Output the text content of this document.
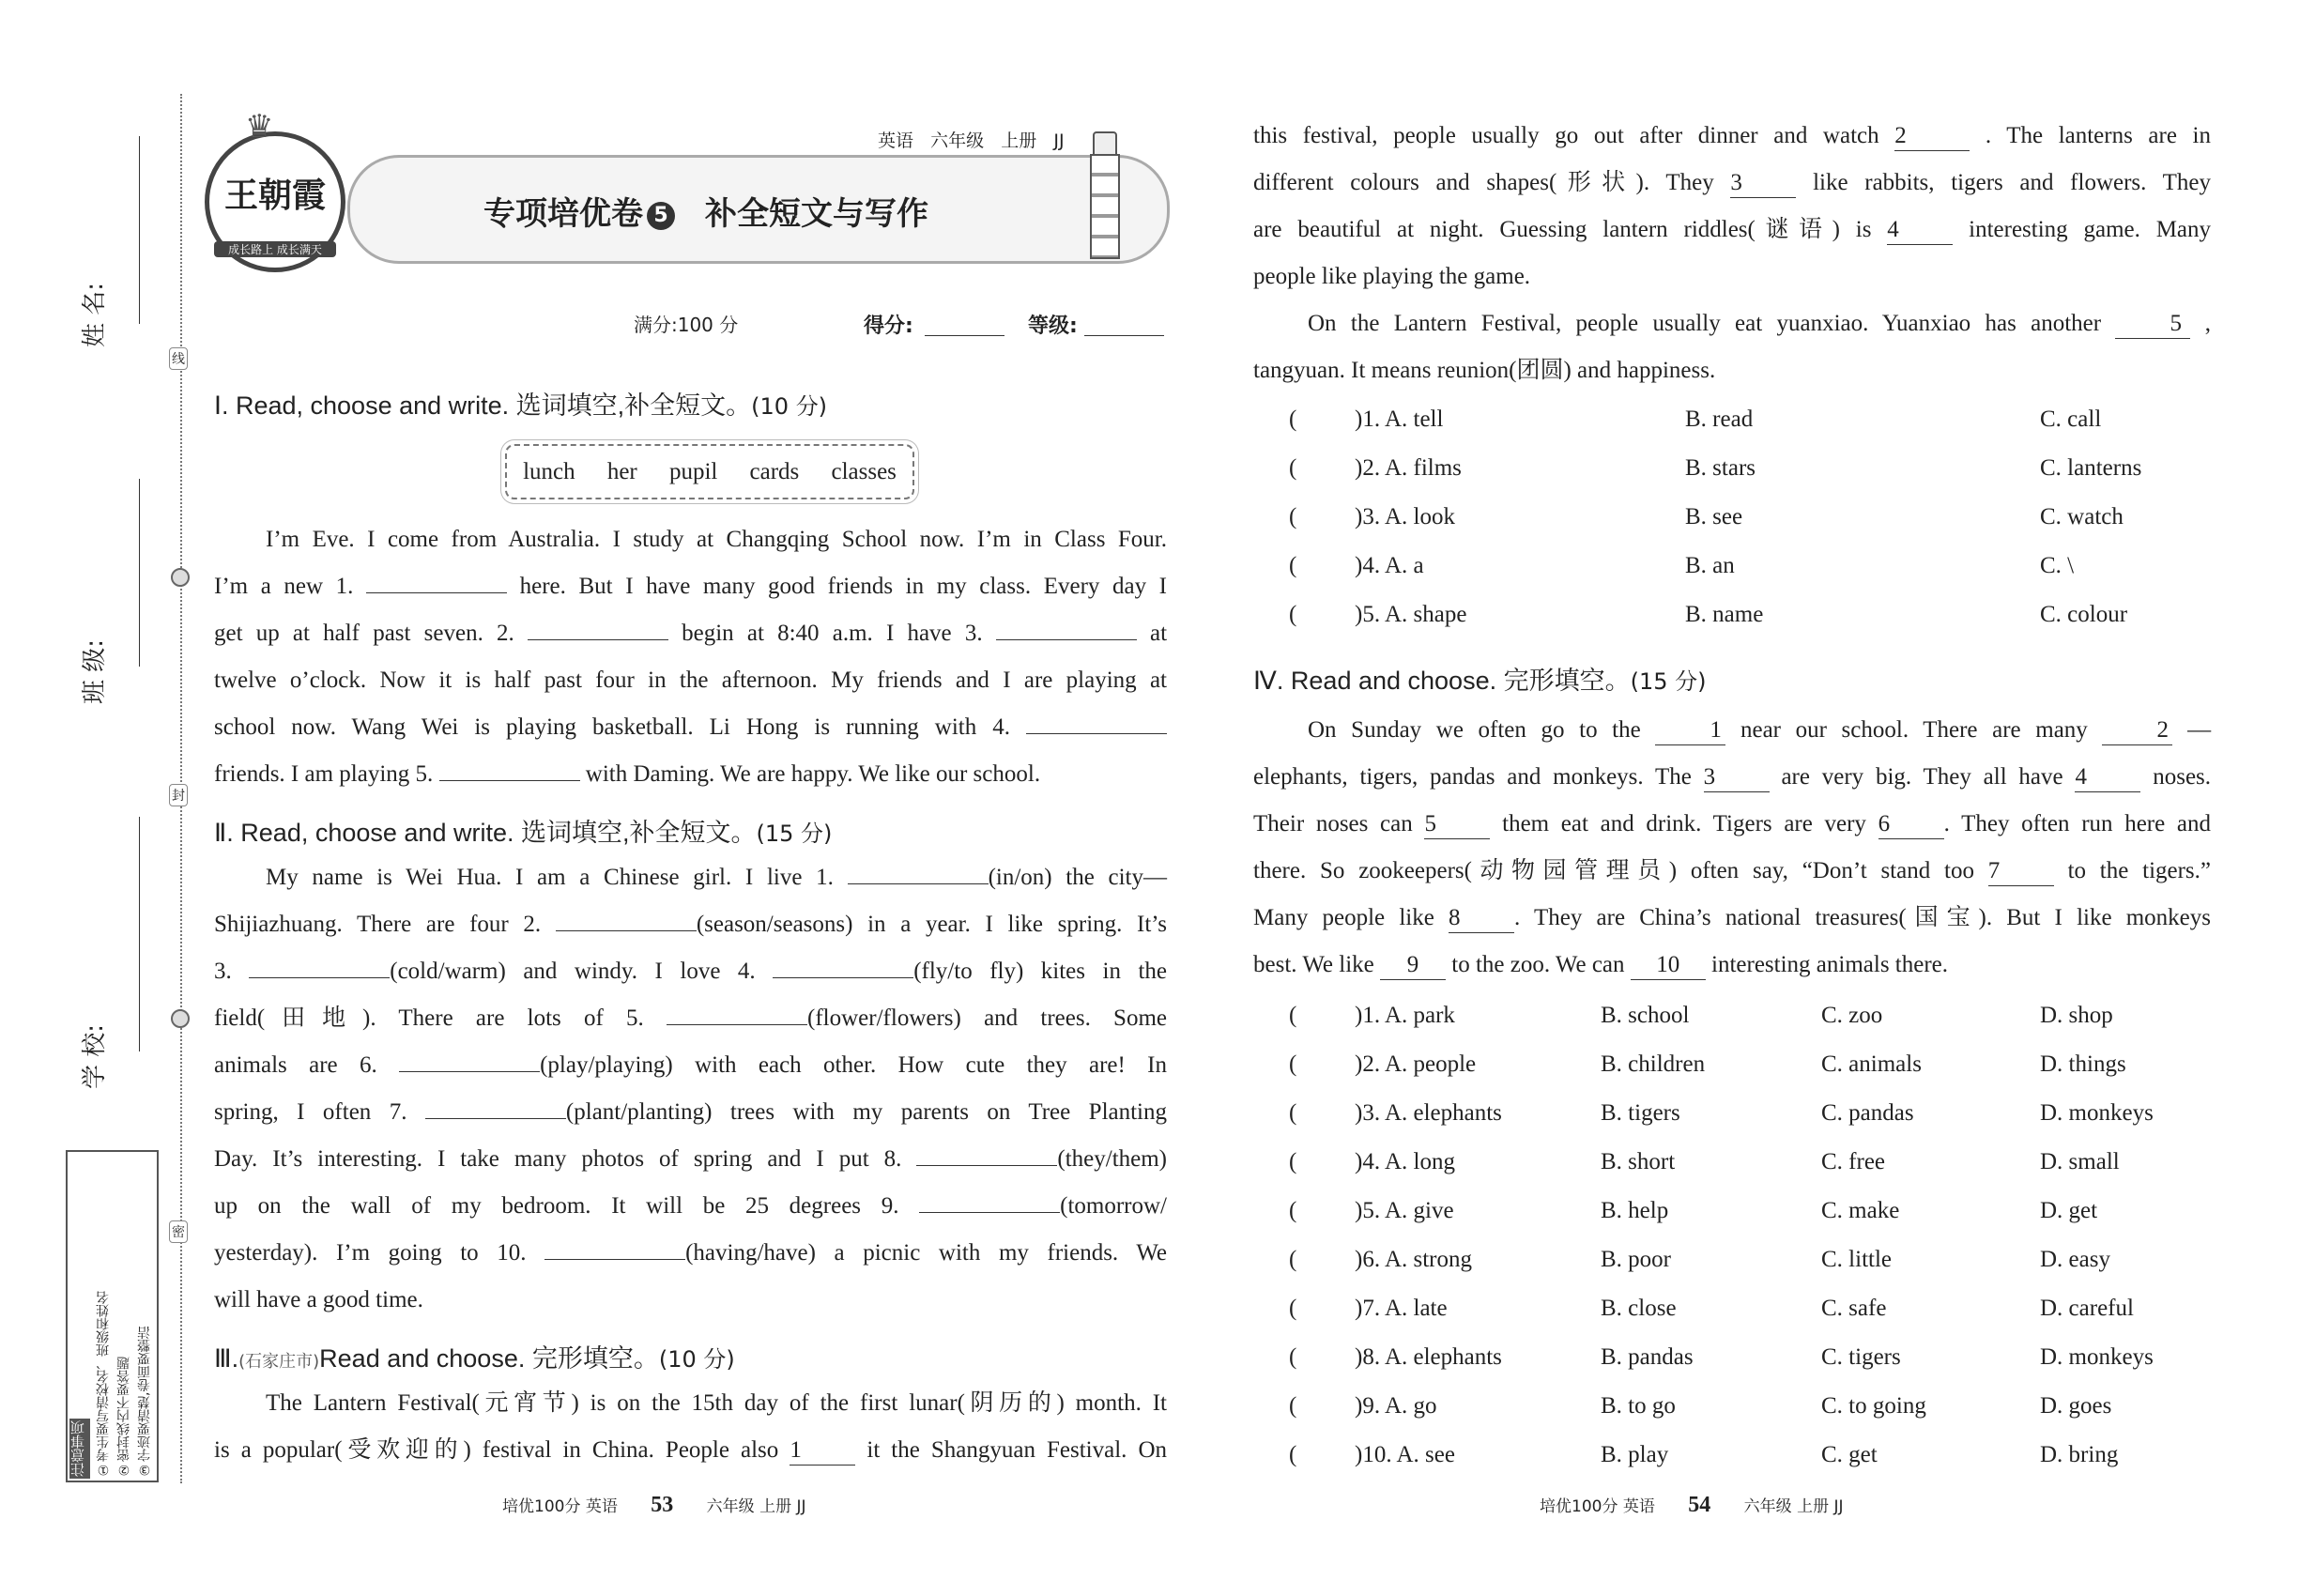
线
封
密
姓 名:
班 级:
学 校:
注意事项 ①考生要写清校名、班级和姓名 ②密封线内不要答题 ③字迹要清楚,卷面要整洁
♛
王朝霞
成长路上 成长满天
英语 六年级 上册 JJ
专项培优卷 5 补全短文与写作
满分:100 分	得分:	等级:
Ⅰ. Read, choose and write. 选词填空,补全短文。(10 分)
lunch her pupil cards classes
I’m Eve. I come from Australia. I study at Changqing School now. I’m in Class Four.
I’m a new 1.	here. But I have many good friends in my class. Every day I
get up at half past seven. 2.	begin at 8:40 a.m. I have 3.	at
twelve o’clock. Now it is half past four in the afternoon. My friends and I are playing at
school now. Wang Wei is playing basketball. Li Hong is running with 4.
friends. I am playing 5.	with Daming. We are happy. We like our school.
Ⅱ. Read, choose and write. 选词填空,补全短文。(15 分)
My name is Wei Hua. I am a Chinese girl. I live 1.	(in/on) the city—
Shijiazhuang. There are four 2.	(season/seasons) in a year. I like spring. It’s
3.	(cold/warm) and windy. I love 4.	(fly/to fly) kites in the
field(田地). There are lots of 5.	(flower/flowers) and trees. Some
animals are 6.	(play/playing) with each other. How cute they are! In
spring, I often 7.	(plant/planting) trees with my parents on Tree Planting
Day. It’s interesting. I take many photos of spring and I put 8.	(they/them)
up on the wall of my bedroom. It will be 25 degrees 9.	(tomorrow/
yesterday). I’m going to 10.	(having/have) a picnic with my friends. We
will have a good time.
Ⅲ.(石家庄市)Read and choose. 完形填空。(10 分)
The Lantern Festival(元宵节) is on the 15th day of the first lunar(阴历的) month. It
is a popular(受欢迎的) festival in China. People also 1	it the Shangyuan Festival. On
this festival, people usually go out after dinner and watch 2	. The lanterns are in
different colours and shapes(形状). They 3	like rabbits, tigers and flowers. They
are beautiful at night. Guessing lantern riddles(谜语) is 4	interesting game. Many
people like playing the game.
On the Lantern Festival, people usually eat yuanxiao. Yuanxiao has another	5 ,
tangyuan. It means reunion(团圆) and happiness.
( )1. A. tell	B. read	C. call
( )2. A. films	B. stars	C. lanterns
( )3. A. look	B. see	C. watch
( )4. A. a	B. an	C. \
( )5. A. shape	B. name	C. colour
Ⅳ. Read and choose. 完形填空。(15 分)
On Sunday we often go to the	1 near our school. There are many	2 —
elephants, tigers, pandas and monkeys. The 3	are very big. They all have 4	noses.
Their noses can 5	them eat and drink. Tigers are very 6 . They often run here and
there. So zookeepers(动物园管理员) often say, “Don’t stand too 7	to the tigers.”
Many people like 8 . They are China’s national treasures(国宝). But I like monkeys
best. We like 9 to the zoo. We can 10 interesting animals there.
( )1. A. park	B. school	C. zoo	D. shop
( )2. A. people	B. children	C. animals	D. things
( )3. A. elephants	B. tigers	C. pandas	D. monkeys
( )4. A. long	B. short	C. free	D. small
( )5. A. give	B. help	C. make	D. get
( )6. A. strong	B. poor	C. little	D. easy
( )7. A. late	B. close	C. safe	D. careful
( )8. A. elephants	B. pandas	C. tigers	D. monkeys
( )9. A. go	B. to go	C. to going	D. goes
( )10. A. see	B. play	C. get	D. bring
培优100分 英语 53 六年级 上册 JJ	培优100分 英语 54 六年级 上册 JJ
